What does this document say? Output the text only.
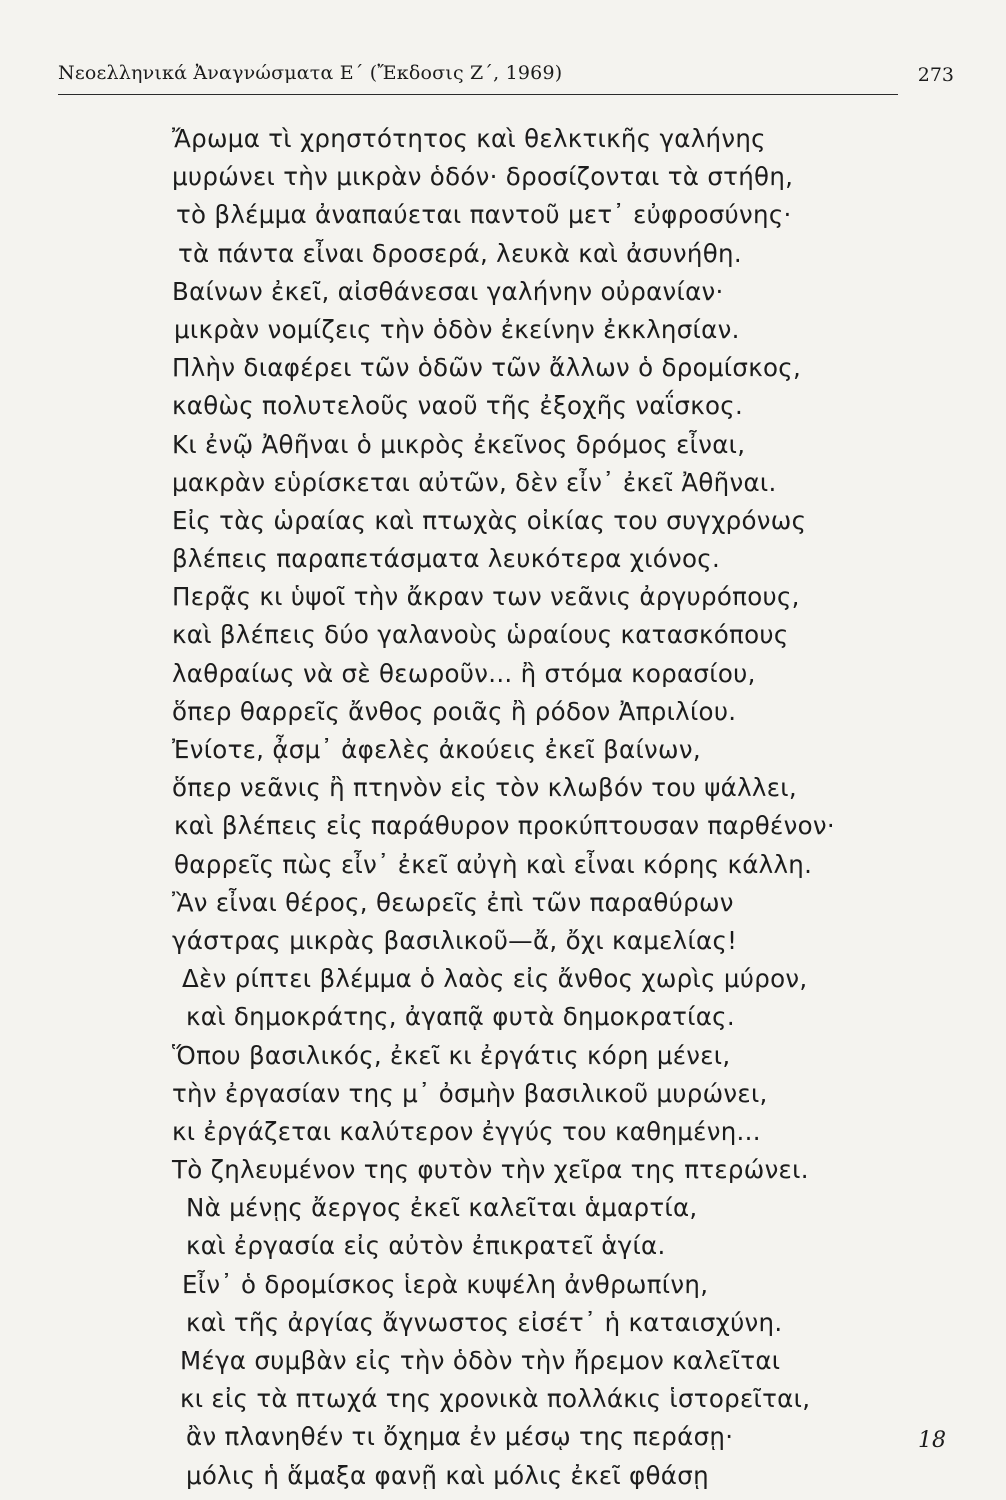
Νεοελληνικά Ἀναγνώσματα Ε΄ (Ἔκδοσις Ζ΄, 1969)	273
Ἄρωμα τὶ χρηστότητος καὶ θελκτικῆς γαλήνης
μυρώνει τὴν μικρὰν ὁδόν· δροσίζονται τὰ στήθη,
τὸ βλέμμα ἀναπαύεται παντοῦ μετ᾽ εὐφροσύνης·
τὰ πάντα εἶναι δροσερά, λευκὰ καὶ ἀσυνήθη.
Βαίνων ἐκεῖ, αἰσθάνεσαι γαλήνην οὐρανίαν·
μικρὰν νομίζεις τὴν ὁδὸν ἐκείνην ἐκκλησίαν.
Πλὴν διαφέρει τῶν ὁδῶν τῶν ἄλλων ὁ δρομίσκος,
καθὼς πολυτελοῦς ναοῦ τῆς ἐξοχῆς ναΐσκος.
Κι ἐνῷ Ἀθῆναι ὁ μικρὸς ἐκεῖνος δρόμος εἶναι,
μακρὰν εὑρίσκεται αὐτῶν, δὲν εἶν᾽ ἐκεῖ Ἀθῆναι.
Εἰς τὰς ὡραίας καὶ πτωχὰς οἰκίας του συγχρόνως
βλέπεις παραπετάσματα λευκότερα χιόνος.
Περᾷς κι ὑψοῖ τὴν ἄκραν των νεᾶνις ἀργυρόπους,
καὶ βλέπεις δύο γαλανοὺς ὡραίους κατασκόπους
λαθραίως νὰ σὲ θεωροῦν... ἢ στόμα κορασίου,
ὅπερ θαρρεῖς ἄνθος ροιᾶς ἢ ρόδον Ἀπριλίου.
Ἐνίοτε, ᾆσμ᾽ ἀφελὲς ἀκούεις ἐκεῖ βαίνων,
ὅπερ νεᾶνις ἢ πτηνὸν εἰς τὸν κλωβόν του ψάλλει,
καὶ βλέπεις εἰς παράθυρον προκύπτουσαν παρθένον·
θαρρεῖς πὼς εἶν᾽ ἐκεῖ αὐγὴ καὶ εἶναι κόρης κάλλη.
Ἂν εἶναι θέρος, θεωρεῖς ἐπὶ τῶν παραθύρων
γάστρας μικρὰς βασιλικοῦ—ἄ, ὄχι καμελίας!
Δὲν ρίπτει βλέμμα ὁ λαὸς εἰς ἄνθος χωρὶς μύρον,
καὶ δημοκράτης, ἀγαπᾷ φυτὰ δημοκρατίας.
Ὅπου βασιλικός, ἐκεῖ κι ἐργάτις κόρη μένει,
τὴν ἐργασίαν της μ᾽ ὀσμὴν βασιλικοῦ μυρώνει,
κι ἐργάζεται καλύτερον ἐγγύς του καθημένη...
Τὸ ζηλευμένον της φυτὸν τὴν χεῖρα της πτερώνει.
Νὰ μένῃς ἄεργος ἐκεῖ καλεῖται ἁμαρτία,
καὶ ἐργασία εἰς αὐτὸν ἐπικρατεῖ ἁγία.
Εἶν᾽ ὁ δρομίσκος ἱερὰ κυψέλη ἀνθρωπίνη,
καὶ τῆς ἀργίας ἄγνωστος εἰσέτ᾽ ἡ καταισχύνη.
Μέγα συμβὰν εἰς τὴν ὁδὸν τὴν ἤρεμον καλεῖται
κι εἰς τὰ πτωχά της χρονικὰ πολλάκις ἱστορεῖται,
ἂν πλανηθέν τι ὄχημα ἐν μέσῳ της περάσῃ·
μόλις ἡ ἅμαξα φανῇ καὶ μόλις ἐκεῖ φθάσῃ
18
